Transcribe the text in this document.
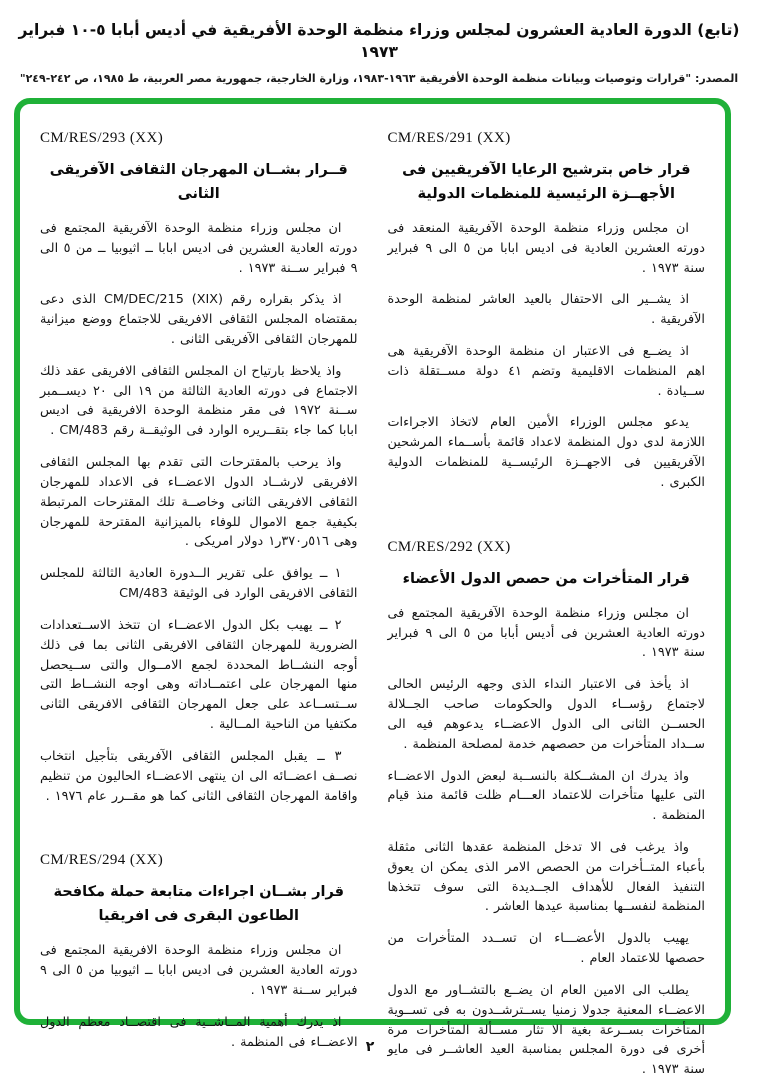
(تابع) الدورة العادية العشرون لمجلس وزراء منظمة الوحدة الأفريقية في أديس أبابا ٥-١٠ فبراير ١٩٧٣
المصدر: "قرارات وتوصيات وبيانات منظمة الوحدة الأفريقية ١٩٦٣-١٩٨٣، وزارة الخارجية، جمهورية مصر العربية، ط ١٩٨٥، ص ٢٤٢-٢٤٩"
CM/RES/291 (XX)
قرار خاص بترشيح الرعايا الآفريقيين فى الأجهــزة الرئيسية للمنظمات الدولية

ان مجلس وزراء منظمة الوحدة الآفريقية المنعقد فى دورته العشرين العادية فى اديس ابابا من ٥ الى ٩ فبراير سنة ١٩٧٣ .

اذ يشــير الى الاحتفال بالعيد العاشر لمنظمة الوحدة الآفريقية .

اذ يضــع فى الاعتبار ان منظمة الوحدة الآفريقية هى اهم المنظمات الاقليمية وتضم ٤١ دولة مســتقلة ذات ســيادة .

يدعو مجلس الوزراء الأمين العام لاتخاذ الاجراءات اللازمة لدى دول المنظمة لاعداد قائمة بأســماء المرشحين الآفريقيين فى الاجهــزة الرئيســية للمنظمات الدولية الكبرى .

CM/RES/292 (XX)
قرار المتأخرات من حصص الدول الأعضاء

ان مجلس وزراء منظمة الوحدة الآفريقية المجتمع فى دورته العادية العشرين فى أديس أبابا من ٥ الى ٩ فبراير سنة ١٩٧٣ .

اذ يأخذ فى الاعتبار النداء الذى وجهه الرئيس الحالى لاجتماع رؤســاء الدول والحكومات صاحب الجــلالة الحســن الثانى الى الدول الاعضــاء يدعوهم فيه الى ســداد المتأخرات من حصصهم خدمة لمصلحة المنظمة .

واذ يدرك ان المشــكلة بالنســبة لبعض الدول الاعضــاء التى عليها متأخرات للاعتماد العـــام ظلت قائمة منذ قيام المنظمة .

واذ يرغب فى الا تدخل المنظمة عقدها الثانى مثقلة بأعباء المتــأخرات من الحصص الامر الذى يمكن ان يعوق التنفيذ الفعال للأهداف الجــديدة التى سوف تتخذها المنظمة لنفســها بمناسبة عيدها العاشر .

يهيب بالدول الأعضـــاء ان تســدد المتأخرات من حصصها للاعتماد العام .

يطلب الى الامين العام ان يضــع بالتشــاور مع الدول الاعضــاء المعنية جدولا زمنيا يســترشــدون به فى تســوية المتأخرات بســرعة بغية الا تثار مســألة المتأخرات مرة أخرى فى دورة المجلس بمناسبة العيد العاشــر فى مايو سنة ١٩٧٣ .

CM/RES/293 (XX)
قــرار بشــان المهرجان الثقافى الآفريقى الثانى

ان مجلس وزراء منظمة الوحدة الآفريقية المجتمع فى دورته العادية العشرين فى اديس ابابا ــ اثيوبيا ــ من ٥ الى ٩ فبراير ســنة ١٩٧٣ .

اذ يذكر بقراره رقم CM/DEC/215 (XIX) الذى دعى بمقتضاه المجلس الثقافى الافريقى للاجتماع ووضع ميزانية للمهرجان الثقافى الآفريقى الثانى .

واذ يلاحظ بارتياح ان المجلس الثقافى الافريقى عقد ذلك الاجتماع فى دورته العادية الثالثة من ١٩ الى ٢٠ ديســمبر ســنة ١٩٧٢ فى مقر منظمة الوحدة الافريقية فى اديس ابابا كما جاء بتقــريره الوارد فى الوثيقــة رقم CM/483 .

واذ يرحب بالمقترحات التى تقدم بها المجلس الثقافى الافريقى لارشــاد الدول الاعضــاء فى الاعداد للمهرجان الثقافى الافريقى الثانى وخاصــة تلك المقترحات المرتبطة بكيفية جمع الاموال للوفاء بالميزانية المقترحة للمهرجان وهى ٥١٦ر٣٧٠ر١ دولار امريكى .

١ ــ يوافق على تقرير الــدورة العادية الثالثة للمجلس الثقافى الافريقى الوارد فى الوثيقة CM/483

٢ ــ يهيب بكل الدول الاعضــاء ان تتخذ الاســتعدادات الضرورية للمهرجان الثقافى الافريقى الثانى بما فى ذلك أوجه النشــاط المحددة لجمع الامــوال والتى ســيحصل منها المهرجان على اعتمــاداته وهى اوجه النشــاط التى ســتســاعد على جعل المهرجان الثقافى الافريقى الثانى مكتفيا من الناحية المــالية .

٣ ــ يقبل المجلس الثقافى الآفريقى بتأجيل انتخاب نصــف اعضــائه الى ان ينتهى الاعضــاء الحاليون من تنظيم واقامة المهرجان الثقافى الثانى كما هو مقــرر عام ١٩٧٦ .

CM/RES/294 (XX)
قرار بشــان اجراءات متابعة حملة مكافحة الطاعون البقرى فى افريقيا

ان مجلس وزراء منظمة الوحدة الافريقية المجتمع فى دورته العادية العشرين فى اديس ابابا ــ اثيوبيا من ٥ الى ٩ فبراير ســنة ١٩٧٣ .

اذ يدرك أهمية المــاشــية فى اقتصــاد معظم الدول الاعضــاء فى المنظمة . ٢
